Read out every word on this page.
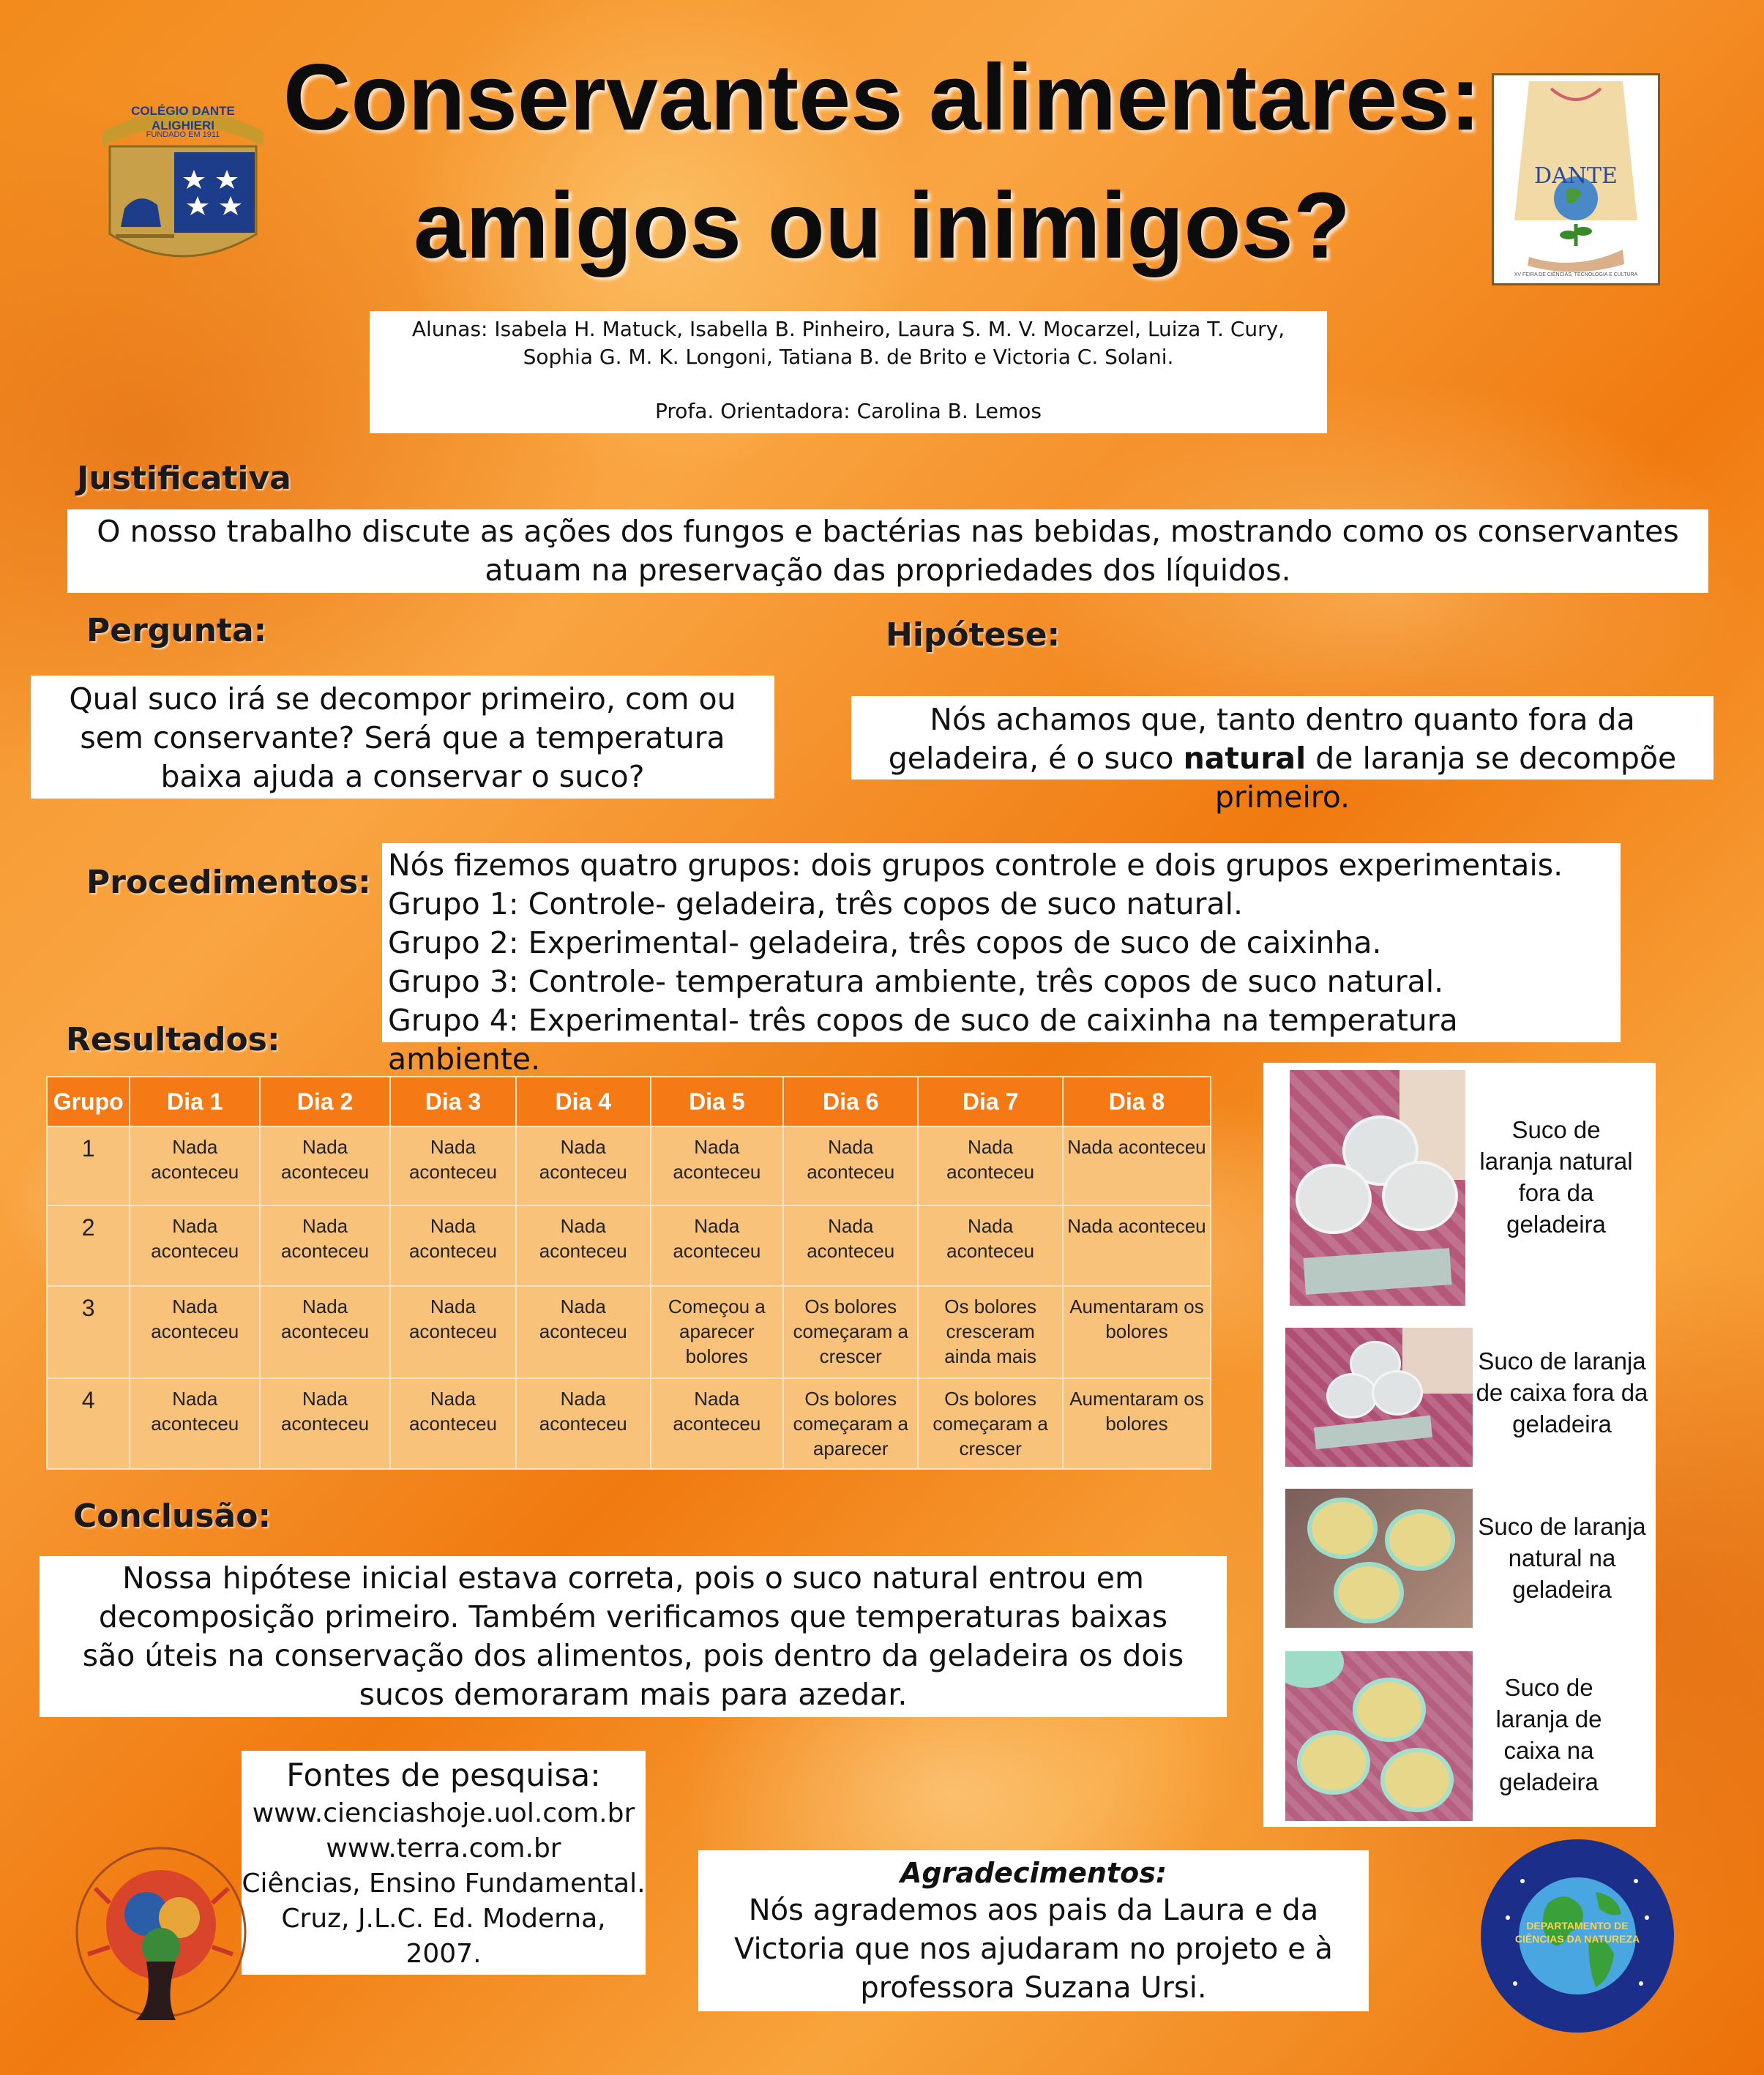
Conservantes alimentares:
amigos ou inimigos?
COLÉGIO DANTE ALIGHIERI
FUNDADO EM 1911
DANTE
XV FEIRA DE CIÊNCIAS, TECNOLOGIA E CULTURA
Alunas: Isabela H. Matuck, Isabella B. Pinheiro, Laura S. M. V. Mocarzel, Luiza T. Cury,
Sophia G. M. K. Longoni, Tatiana B. de Brito e Victoria C. Solani.
Profa. Orientadora: Carolina B. Lemos
Justificativa
O nosso trabalho discute as ações dos fungos e bactérias nas bebidas, mostrando como os conservantes atuam na preservação das propriedades dos líquidos.
Pergunta:
Qual suco irá se decompor primeiro, com ou sem conservante? Será que a temperatura baixa ajuda a conservar o suco?
Hipótese:
Nós achamos que, tanto dentro quanto fora da geladeira, é o suco natural de laranja se decompõe primeiro.
Procedimentos: Nós fizemos quatro grupos: dois grupos controle e dois grupos experimentais.
Grupo 1: Controle- geladeira, três copos de suco natural.
Grupo 2: Experimental- geladeira, três copos de suco de caixinha.
Grupo 3: Controle- temperatura ambiente, três copos de suco natural.
Grupo 4: Experimental- três copos de suco de caixinha na temperatura ambiente.
Resultados:
Grupo	Dia 1	Dia 2	Dia 3	Dia 4	Dia 5	Dia 6	Dia 7	Dia 8
1	Nada aconteceu	Nada aconteceu	Nada aconteceu	Nada aconteceu	Nada aconteceu	Nada aconteceu	Nada aconteceu	Nada aconteceu
2	Nada aconteceu	Nada aconteceu	Nada aconteceu	Nada aconteceu	Nada aconteceu	Nada aconteceu	Nada aconteceu	Nada aconteceu
3	Nada aconteceu	Nada aconteceu	Nada aconteceu	Nada aconteceu	Começou a aparecer bolores	Os bolores começaram a crescer	Os bolores cresceram ainda mais	Aumentaram os bolores
4	Nada aconteceu	Nada aconteceu	Nada aconteceu	Nada aconteceu	Nada aconteceu	Os bolores começaram a aparecer	Os bolores começaram a crescer	Aumentaram os bolores
Suco de laranja natural fora da geladeira
Suco de laranja de caixa fora da geladeira
Suco de laranja natural na geladeira
Suco de laranja de caixa na geladeira
Conclusão:
Nossa hipótese inicial estava correta, pois o suco natural entrou em decomposição primeiro. Também verificamos que temperaturas baixas são úteis na conservação dos alimentos, pois dentro da geladeira os dois sucos demoraram mais para azedar.
Fontes de pesquisa:
www.cienciashoje.uol.com.br
www.terra.com.br
Ciências, Ensino Fundamental.
Cruz, J.L.C. Ed. Moderna,
2007.
Agradecimentos:
Nós agrademos aos pais da Laura e da Victoria que nos ajudaram no projeto e à professora Suzana Ursi.
DEPARTAMENTO DE CIÊNCIAS DA NATUREZA
